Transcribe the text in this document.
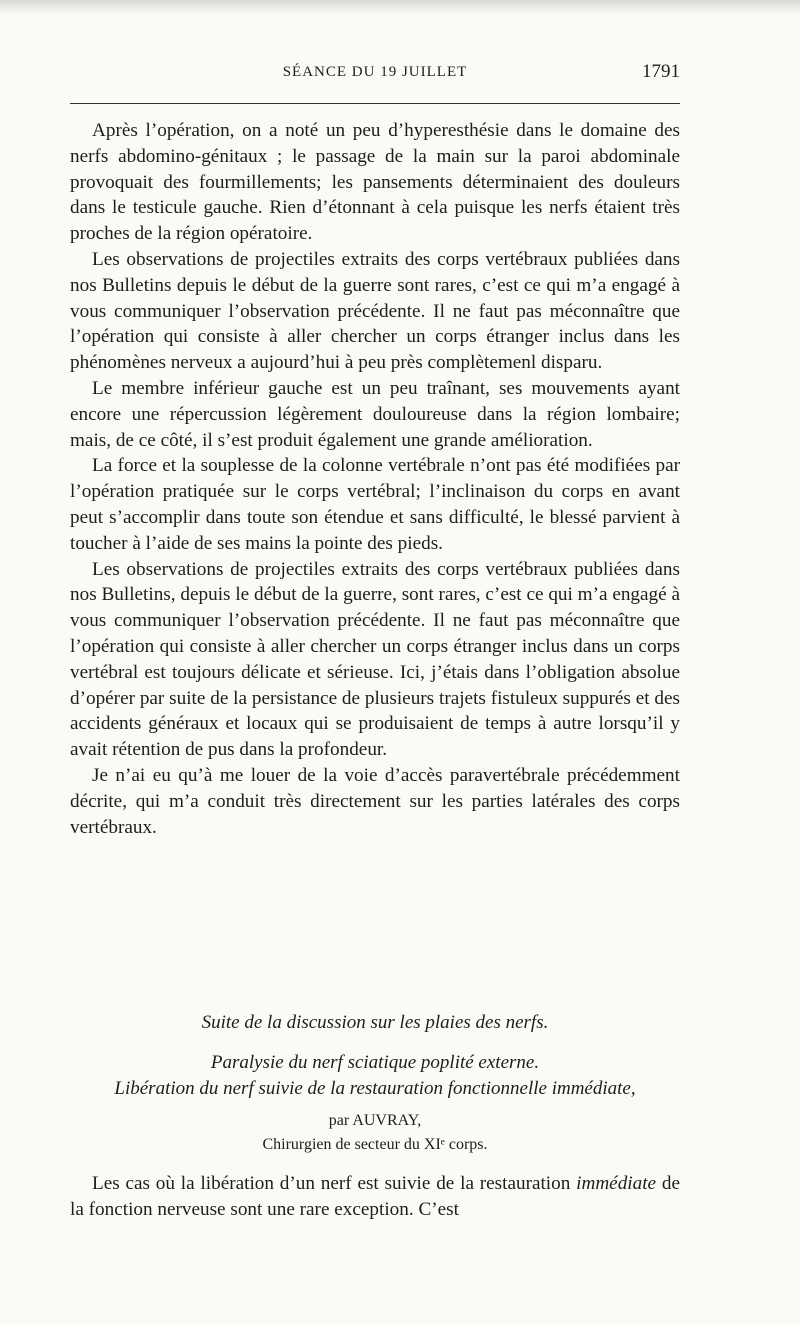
SÉANCE DU 19 JUILLET	1791

Après l’opération, on a noté un peu d’hyperesthésie dans le domaine des nerfs abdomino-génitaux ; le passage de la main sur la paroi abdominale provoquait des fourmillements; les pansements déterminaient des douleurs dans le testicule gauche. Rien d’étonnant à cela puisque les nerfs étaient très proches de la région opératoire.

Les observations de projectiles extraits des corps vertébraux publiées dans nos Bulletins depuis le début de la guerre sont rares, c’est ce qui m’a engagé à vous communiquer l’observation précédente. Il ne faut pas méconnaître que l’opération qui consiste à aller chercher un corps étranger inclus dans les phénomènes nerveux a aujourd’hui à peu près complètemenl disparu.

Le membre inférieur gauche est un peu traînant, ses mouvements ayant encore une répercussion légèrement douloureuse dans la région lombaire; mais, de ce côté, il s’est produit également une grande amélioration.

La force et la souplesse de la colonne vertébrale n’ont pas été modifiées par l’opération pratiquée sur le corps vertébral; l’inclinaison du corps en avant peut s’accomplir dans toute son étendue et sans difficulté, le blessé parvient à toucher à l’aide de ses mains la pointe des pieds.

Les observations de projectiles extraits des corps vertébraux publiées dans nos Bulletins, depuis le début de la guerre, sont rares, c’est ce qui m’a engagé à vous communiquer l’observation précédente. Il ne faut pas méconnaître que l’opération qui consiste à aller chercher un corps étranger inclus dans un corps vertébral est toujours délicate et sérieuse. Ici, j’étais dans l’obligation absolue d’opérer par suite de la persistance de plusieurs trajets fistuleux suppurés et des accidents généraux et locaux qui se produisaient de temps à autre lorsqu’il y avait rétention de pus dans la profondeur.

Je n’ai eu qu’à me louer de la voie d’accès paravertébrale précédemment décrite, qui m’a conduit très directement sur les parties latérales des corps vertébraux.

Suite de la discussion sur les plaies des nerfs.
Paralysie du nerf sciatique poplité externe.
Libération du nerf suivie de la restauration fonctionnelle immédiate,
par AUVRAY,
Chirurgien de secteur du XIᵉ corps.

Les cas où la libération d’un nerf est suivie de la restauration immédiate de la fonction nerveuse sont une rare exception. C’est
